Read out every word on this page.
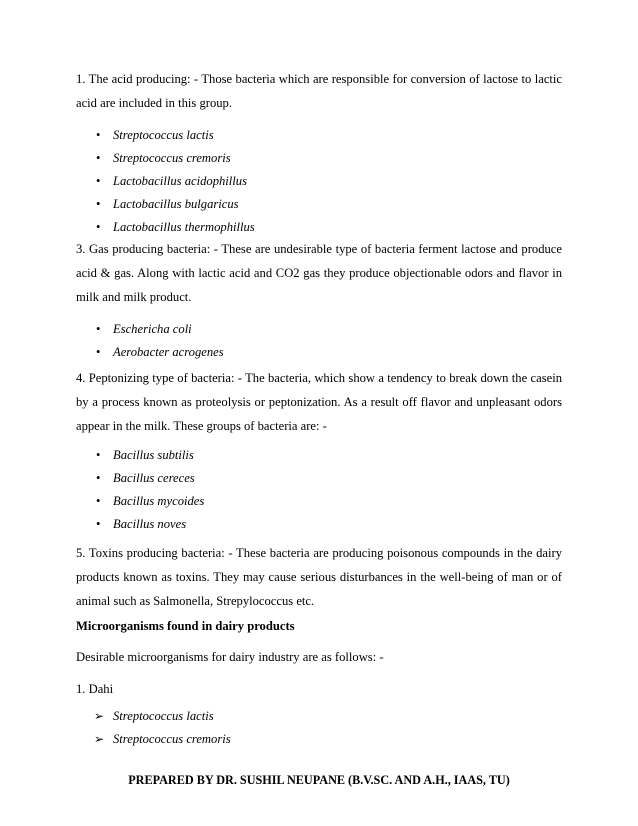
1. The acid producing: - Those bacteria which are responsible for conversion of lactose to lactic acid are included in this group.

• Streptococcus lactis
• Streptococcus cremoris
• Lactobacillus acidophillus
• Lactobacillus bulgaricus
• Lactobacillus thermophillus

3. Gas producing bacteria: - These are undesirable type of bacteria ferment lactose and produce acid & gas. Along with lactic acid and CO2 gas they produce objectionable odors and flavor in milk and milk product.

• Eschericha coli
• Aerobacter acrogenes

4. Peptonizing type of bacteria: - The bacteria, which show a tendency to break down the casein by a process known as proteolysis or peptonization. As a result off flavor and unpleasant odors appear in the milk. These groups of bacteria are: -

• Bacillus subtilis
• Bacillus cereces
• Bacillus mycoides
• Bacillus noves

5. Toxins producing bacteria: - These bacteria are producing poisonous compounds in the dairy products known as toxins. They may cause serious disturbances in the well-being of man or of animal such as Salmonella, Strepylococcus etc.

Microorganisms found in dairy products

Desirable microorganisms for dairy industry are as follows: -

1. Dahi

➢ Streptococcus lactis
➢ Streptococcus cremoris
PREPARED BY DR. SUSHIL NEUPANE (B.V.SC. AND A.H., IAAS, TU)
